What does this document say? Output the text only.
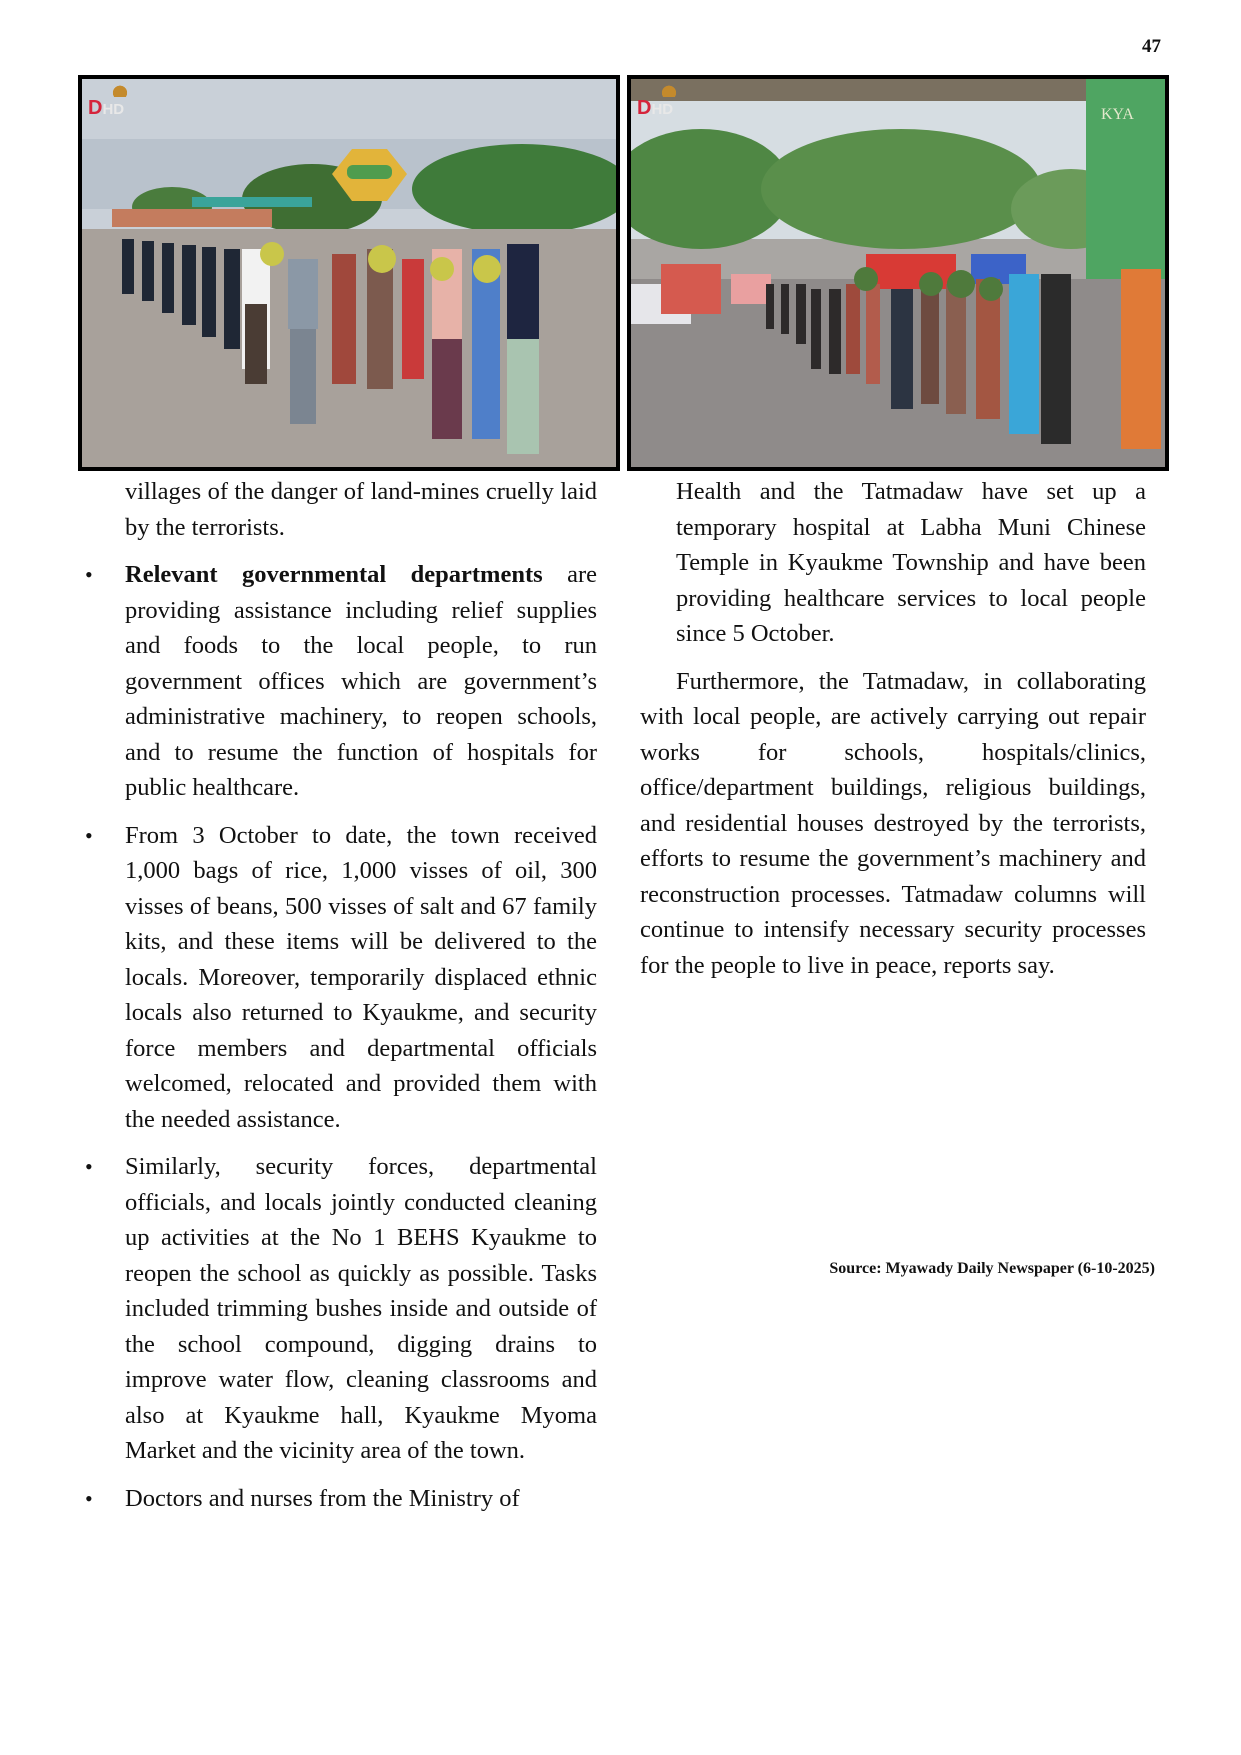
47
DHD	KYA
DHD

villages of the danger of land-mines cruelly laid by the terrorists.

• Relevant governmental departments are providing assistance including relief supplies and foods to the local people, to run government offices which are government’s administrative machinery, to reopen schools, and to resume the function of hospitals for public healthcare.
• From 3 October to date, the town received 1,000 bags of rice, 1,000 visses of oil, 300 visses of beans, 500 visses of salt and 67 family kits, and these items will be delivered to the locals. Moreover, temporarily displaced ethnic locals also returned to Kyaukme, and security force members and departmental officials welcomed, relocated and provided them with the needed assistance.
• Similarly, security forces, departmental officials, and locals jointly conducted cleaning up activities at the No 1 BEHS Kyaukme to reopen the school as quickly as possible. Tasks included trimming bushes inside and outside of the school compound, digging drains to improve water flow, cleaning classrooms and also at Kyaukme hall, Kyaukme Myoma Market and the vicinity area of the town.
• Doctors and nurses from the Ministry of

Health and the Tatmadaw have set up a temporary hospital at Labha Muni Chinese Temple in Kyaukme Township and have been providing healthcare services to local people since 5 October.

Furthermore, the Tatmadaw, in collaborating with local people, are actively carrying out repair works for schools, hospitals/clinics, office/department buildings, religious buildings, and residential houses destroyed by the terrorists, efforts to resume the government’s machinery and reconstruction processes. Tatmadaw columns will continue to intensify necessary security processes for the people to live in peace, reports say.

Source: Myawady Daily Newspaper (6-10-2025)
